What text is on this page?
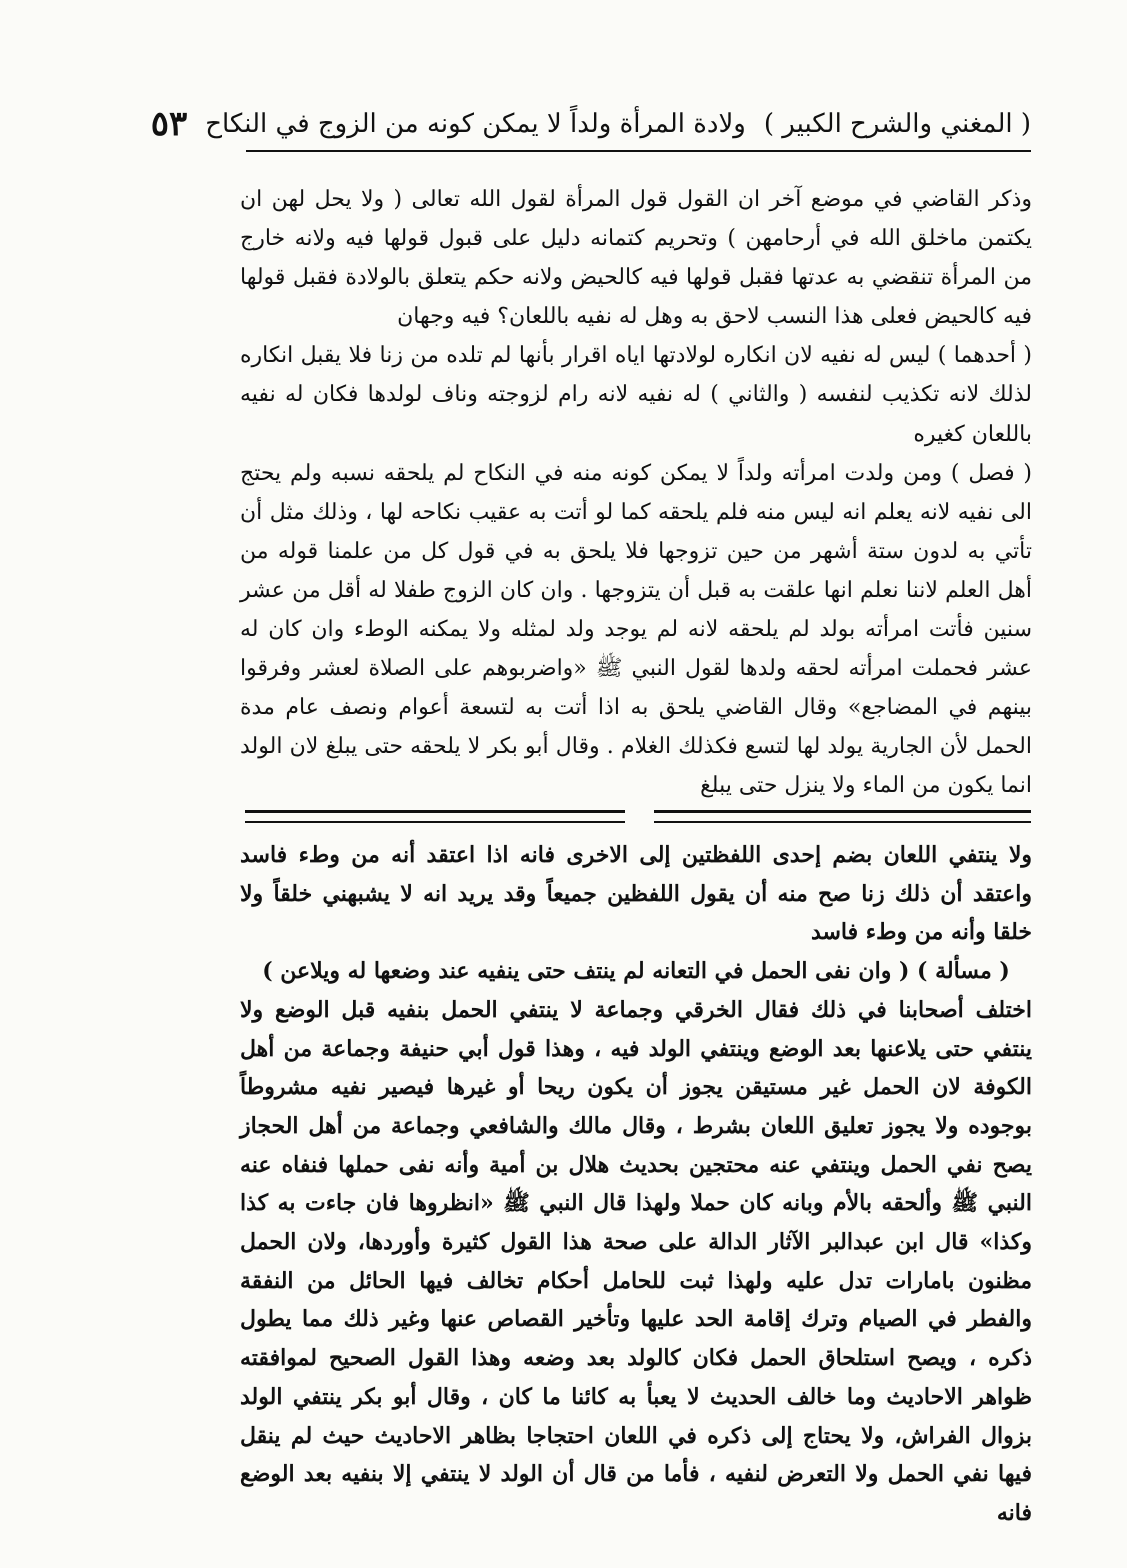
( المغني والشرح الكبير )
ولادة المرأة ولداً لا يمكن كونه من الزوج في النكاح
٥٣

وذكر القاضي في موضع آخر ان القول قول المرأة لقول الله تعالى ( ولا يحل لهن ان يكتمن ماخلق الله في أرحامهن ) وتحريم كتمانه دليل على قبول قولها فيه ولانه خارج من المرأة تنقضي به عدتها فقبل قولها فيه كالحيض ولانه حكم يتعلق بالولادة فقبل قولها فيه كالحيض فعلى هذا النسب لاحق به وهل له نفيه باللعان؟ فيه وجهان

( أحدهما ) ليس له نفيه لان انكاره لولادتها اياه اقرار بأنها لم تلده من زنا فلا يقبل انكاره لذلك لانه تكذيب لنفسه ( والثاني ) له نفيه لانه رام لزوجته وناف لولدها فكان له نفيه باللعان كغيره

( فصل ) ومن ولدت امرأته ولداً لا يمكن كونه منه في النكاح لم يلحقه نسبه ولم يحتج الى نفيه لانه يعلم انه ليس منه فلم يلحقه كما لو أتت به عقيب نكاحه لها ، وذلك مثل أن تأتي به لدون ستة أشهر من حين تزوجها فلا يلحق به في قول كل من علمنا قوله من أهل العلم لاننا نعلم انها علقت به قبل أن يتزوجها . وان كان الزوج طفلا له أقل من عشر سنين فأتت امرأته بولد لم يلحقه لانه لم يوجد ولد لمثله ولا يمكنه الوطء وان كان له عشر فحملت امرأته لحقه ولدها لقول النبي ﷺ «واضربوهم على الصلاة لعشر وفرقوا بينهم في المضاجع» وقال القاضي يلحق به اذا أتت به لتسعة أعوام ونصف عام مدة الحمل لأن الجارية يولد لها لتسع فكذلك الغلام . وقال أبو بكر لا يلحقه حتى يبلغ لان الولد انما يكون من الماء ولا ينزل حتى يبلغ

ولا ينتفي اللعان بضم إحدى اللفظتين إلى الاخرى فانه اذا اعتقد أنه من وطء فاسد واعتقد أن ذلك زنا صح منه أن يقول اللفظين جميعاً وقد يريد انه لا يشبهني خلقاً ولا خلقا وأنه من وطء فاسد

( مسألة ) ( وان نفى الحمل في التعانه لم ينتف حتى ينفيه عند وضعها له ويلاعن )

اختلف أصحابنا في ذلك فقال الخرقي وجماعة لا ينتفي الحمل بنفيه قبل الوضع ولا ينتفي حتى يلاعنها بعد الوضع وينتفي الولد فيه ، وهذا قول أبي حنيفة وجماعة من أهل الكوفة لان الحمل غير مستيقن يجوز أن يكون ريحا أو غيرها فيصير نفيه مشروطاً بوجوده ولا يجوز تعليق اللعان بشرط ، وقال مالك والشافعي وجماعة من أهل الحجاز يصح نفي الحمل وينتفي عنه محتجين بحديث هلال بن أمية وأنه نفى حملها فنفاه عنه النبي ﷺ وألحقه بالأم وبانه كان حملا ولهذا قال النبي ﷺ «انظروها فان جاءت به كذا وكذا» قال ابن عبدالبر الآثار الدالة على صحة هذا القول كثيرة وأوردها، ولان الحمل مظنون بامارات تدل عليه ولهذا ثبت للحامل أحكام تخالف فيها الحائل من النفقة والفطر في الصيام وترك إقامة الحد عليها وتأخير القصاص عنها وغير ذلك مما يطول ذكره ، ويصح استلحاق الحمل فكان كالولد بعد وضعه وهذا القول الصحيح لموافقته ظواهر الاحاديث وما خالف الحديث لا يعبأ به كائنا ما كان ، وقال أبو بكر ينتفي الولد بزوال الفراش، ولا يحتاج إلى ذكره في اللعان احتجاجا بظاهر الاحاديث حيث لم ينقل فيها نفي الحمل ولا التعرض لنفيه ، فأما من قال أن الولد لا ينتفي إلا بنفيه بعد الوضع فانه
